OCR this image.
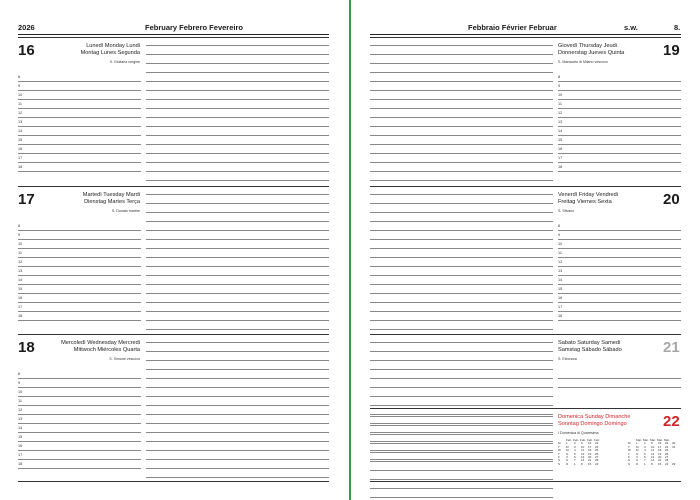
2026	February Febrero Fevereiro
16	Lunedì Monday Lundi
Montag Lunes Segunda
S. Giuliana vergine
8
9
10
11
12
13
14
15
16
17
18
17	Martedì Tuesday Mardi
Dienstag Martes Terça
S. Donato martire
8
9
10
11
12
13
14
15
16
17
18
18	Mercoledì Wednesday Mercredi
Mittwoch Miércoles Quarta
S. Simone vescovo
8
9
10
11
12
13
14
15
16
17
18
Febbraio Février Februar	s.w.	8.
19
Giovedì Thursday Jeudi
Donnerstag Jueves Quinta
S. Mansueto di Milano vescovo
8
9
10
11
12
13
14
15
16
17
18
20
Venerdì Friday Vendredi
Freitag Viernes Sexta
S. Silvano
8
9
10
11
12
13
14
15
16
17
18
21
Sabato Saturday Samedi
Samstag Sábado Sábado
S. Eleonora
22
Domenica Sunday Dimanche
Sonntag Domingo Domingo
I Domenica di Quaresima
Feb. Feb. Feb. Feb. Feb.
M	L	2	9	16	23
T	M	3	10	17	24
W	M	4	11	18	25
T	G	5	12	19	26
F	V	6	13	20	27
S	S	7	14	21	28
S	D	1	8	15	22
Mar. Mar. Mar. Mar. Mar.
M	L	2	9	16	23	30
T	M	3	10	17	24	31
W	M	4	11	18	25
T	G	5	12	19	26
F	V	6	13	20	27
S	S	7	14	21	28
S	D	1	8	15	22	29
